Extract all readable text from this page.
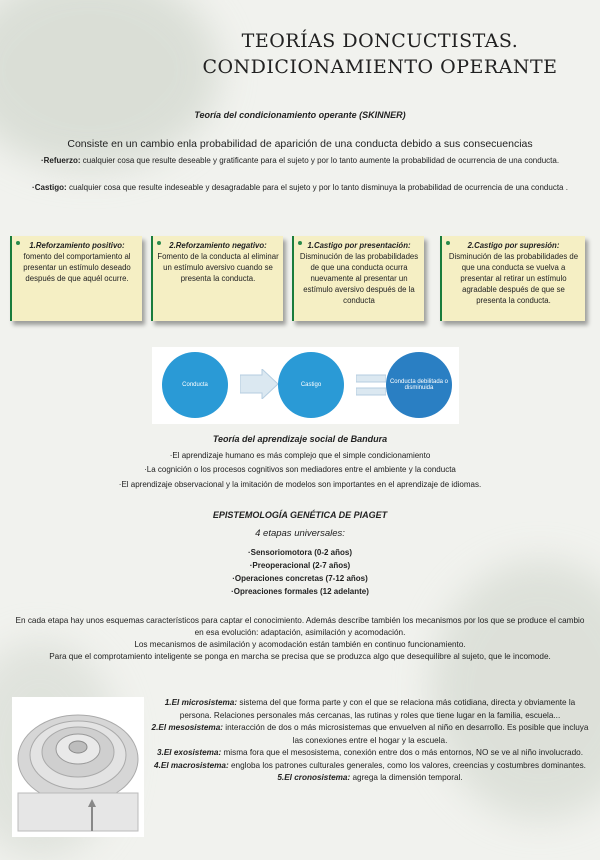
TEORÍAS DONCUCTISTAS.
CONDICIONAMIENTO OPERANTE
Teoría del condicionamiento operante (SKINNER)
Consiste en un cambio enla probabilidad de aparición de una conducta debido a sus consecuencias
·Refuerzo: cualquier cosa que resulte deseable y gratificante para el sujeto y por lo tanto aumente la probabilidad de ocurrencia de una conducta.
·Castigo: cualquier cosa que resulte indeseable y desagradable para el sujeto y por lo tanto disminuya la probabilidad de ocurrencia de una conducta .
1.Reforzamiento positivo: fomento del comportamiento al presentar un estímulo deseado después de que aquél ocurre.
2.Reforzamiento negativo: Fomento de la conducta al eliminar un estímulo aversivo cuando se presenta la conducta.
1.Castigo por presentación: Disminución de las probabilidades de que una conducta ocurra nuevamente al presentar un estímulo aversivo después de la conducta
2.Castigo por supresión: Disminución de las probabilidades de que una conducta se vuelva a presentar al retirar un estímulo agradable después de que se presenta la conducta.
Conducta	Castigo	Conducta debilitada o disminuida
Teoría del aprendizaje social de Bandura
·El aprendizaje humano es más complejo que el simple condicionamiento
·La cognición o los procesos cognitivos son mediadores entre el ambiente y la conducta
·El aprendizaje observacional y la imitación de modelos son importantes en el aprendizaje de idiomas.
EPISTEMOLOGÍA GENÉTICA DE PIAGET
4 etapas universales:
·Sensoriomotora (0-2 años)
·Preoperacional (2-7 años)
·Operaciones concretas (7-12 años)
·Opreaciones formales (12 adelante)
En cada etapa hay unos esquemas característicos para captar el conocimiento. Además describe también los mecanismos por los que se produce el cambio en esa evolución: adaptación, asimilación y acomodación.
Los mecanismos de asimilación y acomodación están también en continuo funcionamiento.
Para que el comprotamiento inteligente se ponga en marcha se precisa que se produzca algo que desequilibre al sujeto, que le incomode.
1.El microsistema: sistema del que forma parte y con el que se relaciona más cotidiana, directa y obviamente la persona. Relaciones personales más cercanas, las rutinas y roles que tiene lugar en la familia, escuela...
2.El mesosistema: interacción de dos o más microsistemas que envuelven al niño en desarrollo. Es posible que incluya las conexiones entre el hogar y la escuela.
3.El exosistema: misma fora que el mesosistema, conexión entre dos o más entornos, NO se ve al niño involucrado.
4.El macrosistema: engloba los patrones culturales generales, como los valores, creencias y costumbres dominantes.
5.El cronosistema: agrega la dimensión temporal.
